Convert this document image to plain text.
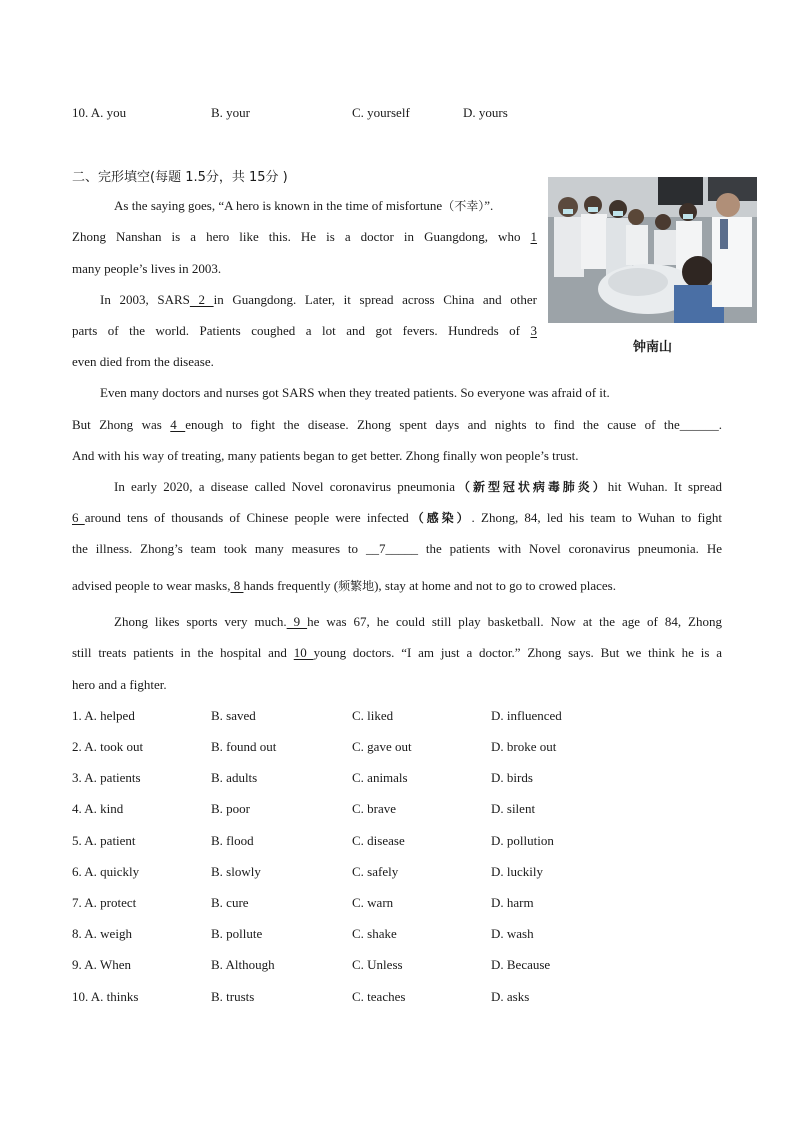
10. A. you	B. your	C. yourself	D. yours
二、完形填空(每题 1.5分，共 15分 )
钟南山
As the saying goes, “A hero is known in the time of misfortune（不幸）”.
Zhong Nanshan is a hero like this. He is a doctor in Guangdong, who 1
many people’s lives in 2003.
In 2003, SARS 2 in Guangdong. Later, it spread across China and other
parts of the world. Patients coughed a lot and got fevers. Hundreds of 3
even died from the disease.
Even many doctors and nurses got SARS when they treated patients. So everyone was afraid of it.
But Zhong was 4 enough to fight the disease. Zhong spent days and nights to find the cause of the______.
And with his way of treating, many patients began to get better. Zhong finally won people’s trust.
In early 2020, a disease called Novel coronavirus pneumonia（新型冠状病毒肺炎）hit Wuhan. It spread
6 around tens of thousands of Chinese people were infected（感染）. Zhong, 84, led his team to Wuhan to fight
the illness. Zhong’s team took many measures to __7_____ the patients with Novel coronavirus pneumonia. He
advised people to wear masks, 8 hands frequently (频繁地), stay at home and not to go to crowed places.
Zhong likes sports very much. 9 he was 67, he could still play basketball. Now at the age of 84, Zhong
still treats patients in the hospital and 10 young doctors. “I am just a doctor.” Zhong says. But we think he is a
hero and a fighter.
1. A. helped	B. saved	C. liked	D. influenced
2. A. took out	B. found out	C. gave out	D. broke out
3. A. patients	B. adults	C. animals	D. birds
4. A. kind	B. poor	C. brave	D. silent
5. A. patient	B. flood	C. disease	D. pollution
6. A. quickly	B. slowly	C. safely	D. luckily
7. A. protect	B. cure	C. warn	D. harm
8. A. weigh	B. pollute	C. shake	D. wash
9. A. When	B. Although	C. Unless	D. Because
10. A. thinks	B. trusts	C. teaches	D. asks
